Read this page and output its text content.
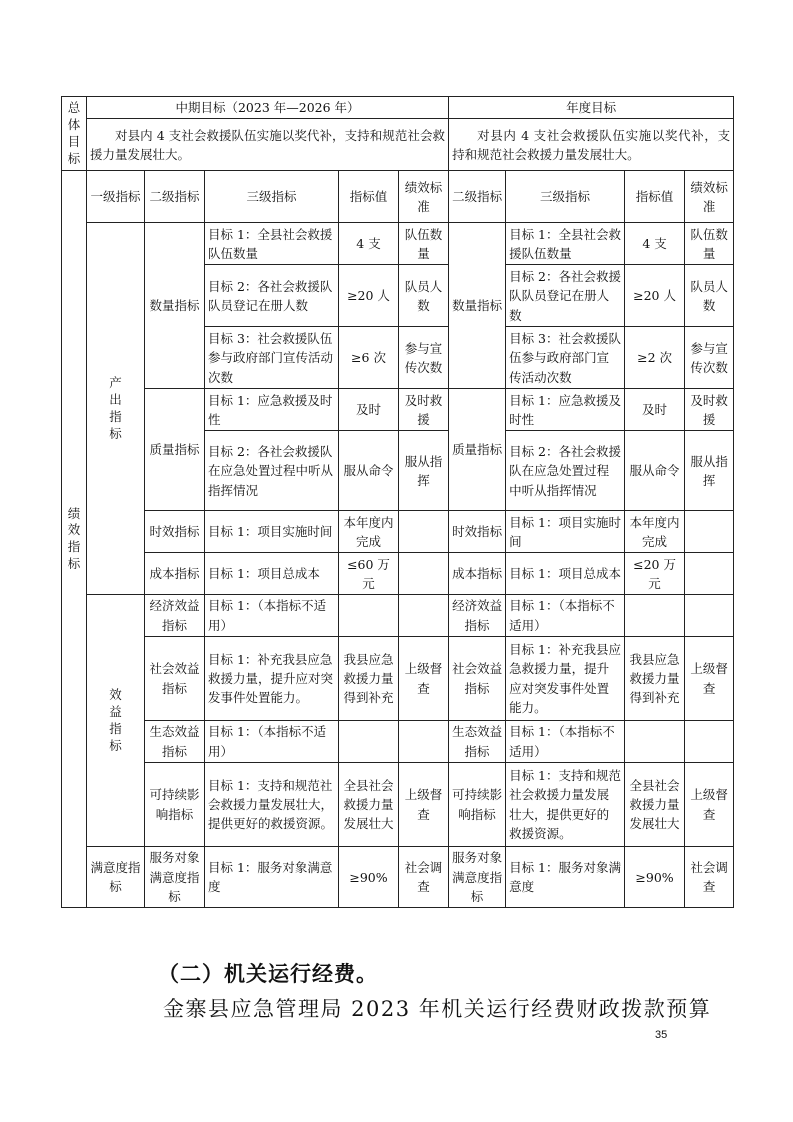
总体目标	中期目标（2023 年—2026 年）					年度目标			
	对县内 4 支社会救援队伍实施以奖代补，支持和规范社会救援力量发展壮大。					对县内 4 支社会救援队伍实施以奖代补，支持和规范社会救援力量发展壮大。			

绩效指标	一级指标	二级指标	三级指标	指标值	绩效标准	二级指标	三级指标	指标值	绩效标准

	产出指标	数量指标	目标 1：全县社会救援队伍数量	4 支	队伍数量	数量指标	目标 1：全县社会救援队伍数量	4 支	队伍数量
			目标 2：各社会救援队队员登记在册人数	≥20 人	队员人数		目标 2：各社会救援队队员登记在册人数	≥20 人	队员人数
			目标 3：社会救援队伍参与政府部门宣传活动次数	≥6 次	参与宣传次数		目标 3：社会救援队伍参与政府部门宣传活动次数	≥2 次	参与宣传次数
		质量指标	目标 1：应急救援及时性	及时	及时救援	质量指标	目标 1：应急救援及时性	及时	及时救援
			目标 2：各社会救援队在应急处置过程中听从指挥情况	服从命令	服从指挥		目标 2：各社会救援队在应急处置过程中听从指挥情况	服从命令	服从指挥
		时效指标	目标 1：项目实施时间	本年度内完成		时效指标	目标 1：项目实施时间	本年度内完成	
		成本指标	目标 1：项目总成本	≤60 万元		成本指标	目标 1：项目总成本	≤20 万元	

	效益指标	经济效益指标	目标 1：（本指标不适用）			经济效益指标	目标 1：（本指标不适用）		
		社会效益指标	目标 1：补充我县应急救援力量，提升应对突发事件处置能力。	我县应急救援力量得到补充	上级督查	社会效益指标	目标 1：补充我县应急救援力量，提升应对突发事件处置能力。	我县应急救援力量得到补充	上级督查
		生态效益指标	目标 1：（本指标不适用）			生态效益指标	目标 1：（本指标不适用）		
		可持续影响指标	目标 1：支持和规范社会救援力量发展壮大，提供更好的救援资源。	全县社会救援力量发展壮大	上级督查	可持续影响指标	目标 1：支持和规范社会救援力量发展壮大，提供更好的救援资源。	全县社会救援力量发展壮大	上级督查
	满意度指标	服务对象满意度指标	目标 1：服务对象满意度	≥90%	社会调查	服务对象满意度指标	目标 1：服务对象满意度	≥90%	社会调查
（二）机关运行经费。
金寨县应急管理局 2023 年机关运行经费财政拨款预算
35
